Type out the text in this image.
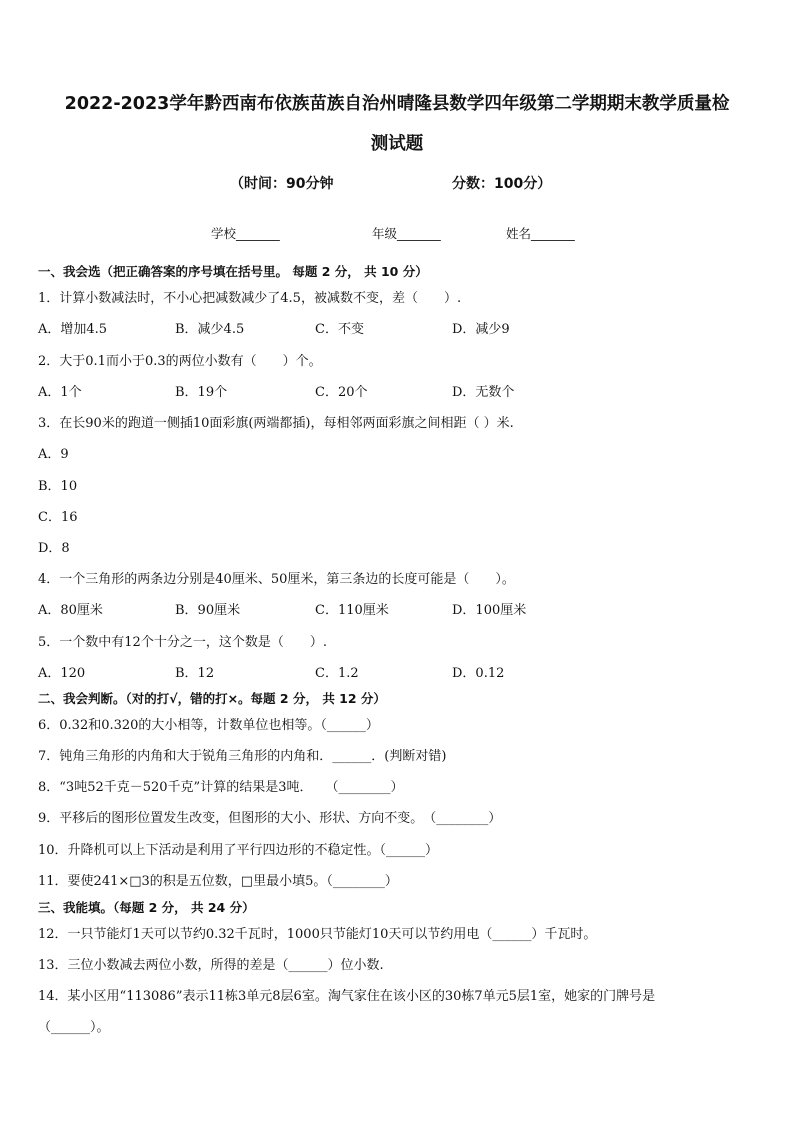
2022-2023学年黔西南布依族苗族自治州晴隆县数学四年级第二学期期末教学质量检
测试题
（时间：90分钟	分数：100分）
学校_______	年级_______	姓名_______
一、我会选（把正确答案的序号填在括号里。 每题 2 分， 共 10 分）
1．计算小数减法时，不小心把减数减少了4.5，被减数不变，差（　　）.
A．增加4.5	B．减少4.5	C．不变	D．减少9
2．大于0.1而小于0.3的两位小数有（　　）个。
A．1个	B．19个	C．20个	D．无数个
3．在长90米的跑道一侧插10面彩旗(两端都插)，每相邻两面彩旗之间相距（ ）米.
A．9
B．10
C．16
D．8
4．一个三角形的两条边分别是40厘米、50厘米，第三条边的长度可能是（　　）。
A．80厘米	B．90厘米	C．110厘米	D．100厘米
5．一个数中有12个十分之一，这个数是（　　）.
A．120	B．12	C．1.2	D．0.12
二、我会判断。（对的打√，错的打×。每题 2 分， 共 12 分）
6．0.32和0.320的大小相等，计数单位也相等。（______）
7．钝角三角形的内角和大于锐角三角形的内角和．______．(判断对错)
8．“3吨52千克－520千克”计算的结果是3吨．　　（________）
9．平移后的图形位置发生改变，但图形的大小、形状、方向不变。　（________）
10．升降机可以上下活动是利用了平行四边形的不稳定性。（______）
11．要使241×□3的积是五位数，□里最小填5。（________）
三、我能填。（每题 2 分， 共 24 分）
12．一只节能灯1天可以节约0.32千瓦时，1000只节能灯10天可以节约用电（______）千瓦时。
13．三位小数减去两位小数，所得的差是（______）位小数.
14．某小区用“113086”表示11栋3单元8层6室。淘气家住在该小区的30栋7单元5层1室，她家的门牌号是
（______）。
